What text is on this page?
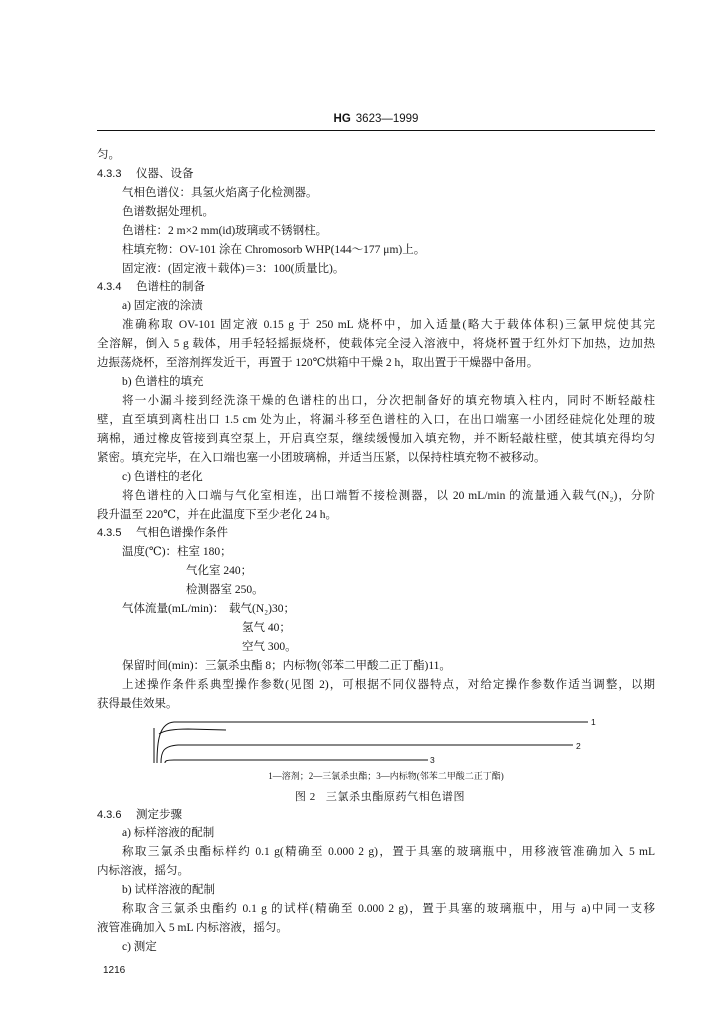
HG 3623—1999
匀。
4.3.3 仪器、设备
气相色谱仪：具氢火焰离子化检测器。
色谱数据处理机。
色谱柱：2 m×2 mm(id)玻璃或不锈钢柱。
柱填充物：OV-101 涂在 Chromosorb WHP(144～177 μm)上。
固定液：(固定液＋载体)＝3：100(质量比)。
4.3.4 色谱柱的制备
a) 固定液的涂渍
准确称取 OV-101 固定液 0.15 g 于 250 mL 烧杯中，加入适量(略大于载体体积)三氯甲烷使其完
全溶解，倒入 5 g 载体，用手轻轻摇振烧杯，使载体完全浸入溶液中，将烧杯置于红外灯下加热，边加热
边振荡烧杯，至溶剂挥发近干，再置于 120℃烘箱中干燥 2 h，取出置于干燥器中备用。
b) 色谱柱的填充
将一小漏斗接到经洗涤干燥的色谱柱的出口，分次把制备好的填充物填入柱内，同时不断轻敲柱
壁，直至填到离柱出口 1.5 cm 处为止，将漏斗移至色谱柱的入口，在出口端塞一小团经硅烷化处理的玻
璃棉，通过橡皮管接到真空泵上，开启真空泵，继续缓慢加入填充物，并不断轻敲柱壁，使其填充得均匀
紧密。填充完毕，在入口端也塞一小团玻璃棉，并适当压紧，以保持柱填充物不被移动。
c) 色谱柱的老化
将色谱柱的入口端与气化室相连，出口端暂不接检测器，以 20 mL/min 的流量通入载气(N₂)，分阶
段升温至 220℃，并在此温度下至少老化 24 h。
4.3.5 气相色谱操作条件
温度(℃)：柱室 180；
气化室 240；
检测器室 250。
气体流量(mL/min)： 载气(N₂)30；
氢气 40；
空气 300。
保留时间(min)：三氯杀虫酯 8；内标物(邻苯二甲酸二正丁酯)11。
上述操作条件系典型操作参数(见图 2)，可根据不同仪器特点，对给定操作参数作适当调整，以期
获得最佳效果。
1
2
3
1—溶剂；2—三氯杀虫酯；3—内标物(邻苯二甲酸二正丁酯)
图 2 三氯杀虫酯原药气相色谱图
4.3.6 测定步骤
a) 标样溶液的配制
称取三氯杀虫酯标样约 0.1 g(精确至 0.000 2 g)，置于具塞的玻璃瓶中，用移液管准确加入 5 mL
内标溶液，摇匀。
b) 试样溶液的配制
称取含三氯杀虫酯约 0.1 g 的试样(精确至 0.000 2 g)，置于具塞的玻璃瓶中，用与 a)中同一支移
液管准确加入 5 mL 内标溶液，摇匀。
c) 测定
1216
